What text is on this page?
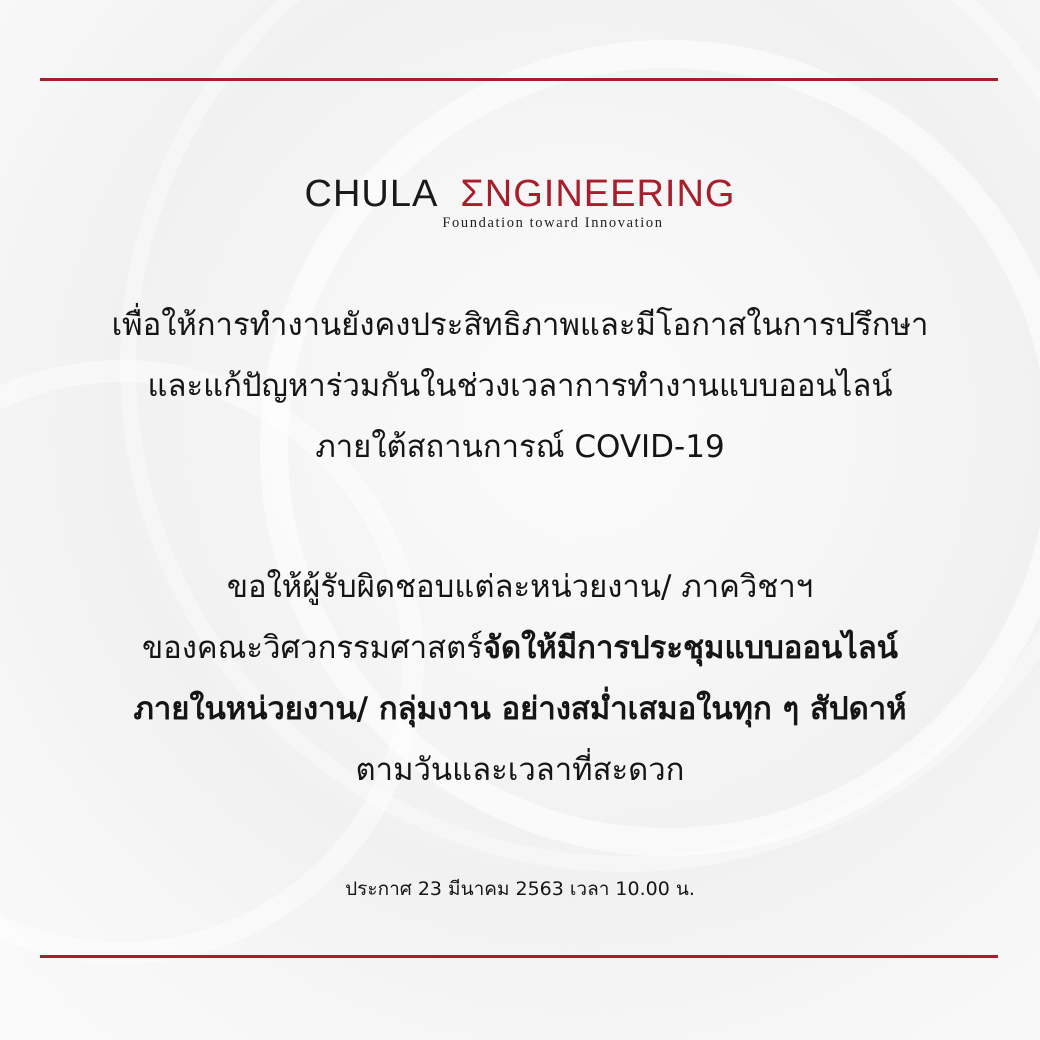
CHULA ƩNGINEERING
Foundation toward Innovation
เพื่อให้การทำงานยังคงประสิทธิภาพและมีโอกาสในการปรึกษา
และแก้ปัญหาร่วมกันในช่วงเวลาการทำงานแบบออนไลน์
ภายใต้สถานการณ์ COVID-19
ขอให้ผู้รับผิดชอบแต่ละหน่วยงาน/ ภาควิชาฯ
ของคณะวิศวกรรมศาสตร์จัดให้มีการประชุมแบบออนไลน์
ภายในหน่วยงาน/ กลุ่มงาน อย่างสม่ำเสมอในทุก ๆ สัปดาห์
ตามวันและเวลาที่สะดวก
ประกาศ 23 มีนาคม 2563 เวลา 10.00 น.
